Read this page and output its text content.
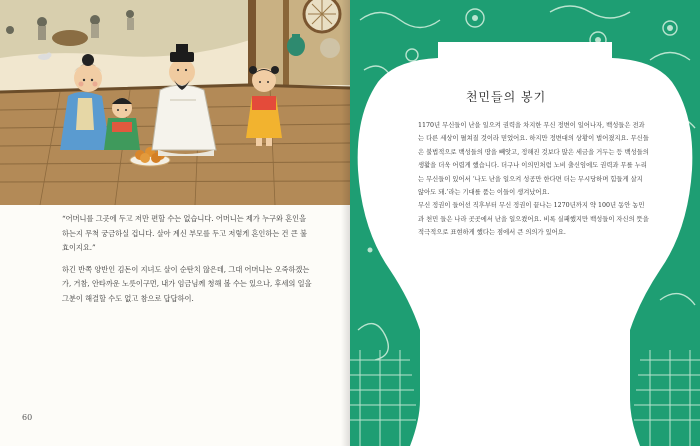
“어머니를 그곳에 두고 저만 편할 수는 없습니다. 어머니는 제가 누구와 혼인을 하는지 무척 궁금하실 겁니다. 살아 계신 부모를 두고 저렇게 혼인하는 건 큰 불효이지요.”

하긴 반쪽 양반인 김돈이 지녀도 살이 순탄치 않은데, 그대 어머니는 오죽하겠는가, 거참, 안타까운 노릇이구먼, 내가 임금님께 청해 볼 수는 있으나, 후세의 일을 그분이 해결할 수도 없고 참으로 답답하이.

60
천민들의 봉기

1170년 무신들이 난을 일으켜 권력을 차지한 무신 정변이 일어나자, 백성들은 전과는 다른 세상이 펼쳐질 것이라 믿었어요. 하지만 정변대의 상황이 벌어졌지요. 무신들은 불법적으로 백성들의 땅을 빼앗고, 정해진 것보다 많은 세금을 거두는 등 백성들의 생활을 더욱 어렵게 했습니다. 더구나 이의민처럼 노비 출신임에도 권력과 무를 누리는 무신들이 있어서 ‘나도 난을 일으켜 성공만 한다면 더는 무시당하며 힘들게 살지 않아도 돼.’라는 기대를 품는 이들이 생겨났어요.

무신 정권이 들어선 직후부터 무신 정권이 끝나는 1270년까지 약 100년 동안 농민과 천민 들은 나라 곳곳에서 난을 일으켰어요. 비록 실패했지만 백성들이 자신의 뜻을 적극적으로 표현하게 했다는 점에서 큰 의의가 있어요.
